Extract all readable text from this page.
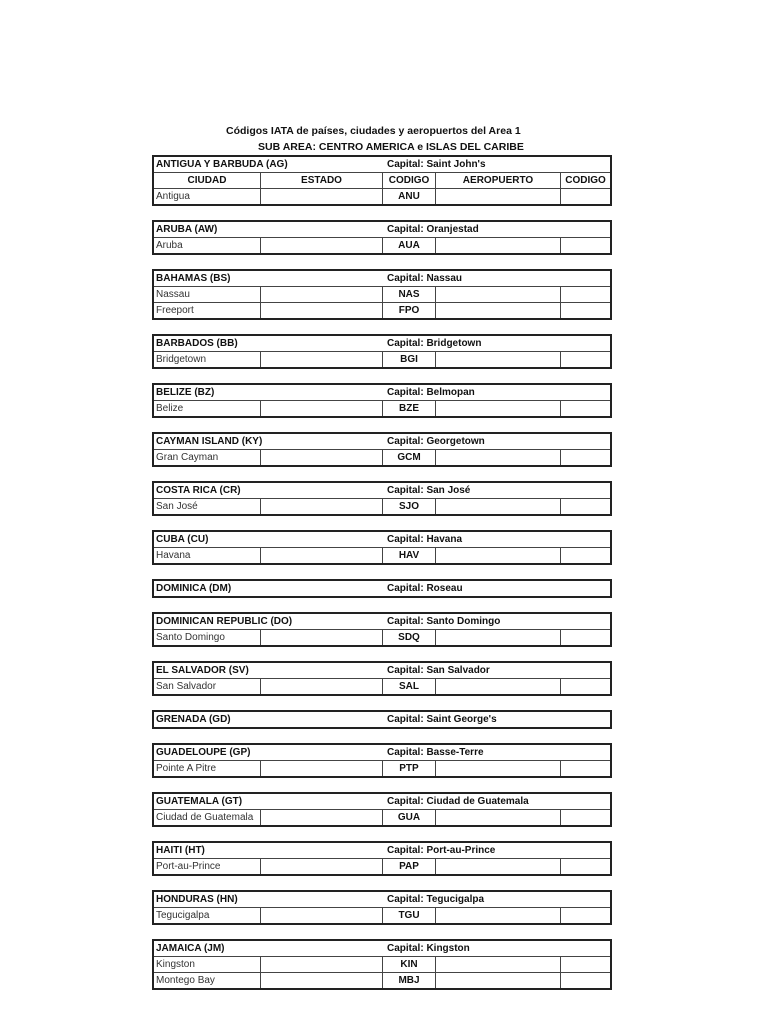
Códigos IATA de países, ciudades y aeropuertos del Area 1
SUB AREA: CENTRO AMERICA e ISLAS DEL CARIBE
ANTIGUA Y BARBUDA (AG)	Capital: Saint John's
CIUDAD	ESTADO	CODIGO	AEROPUERTO	CODIGO
Antigua	ANU
ARUBA (AW)	Capital: Oranjestad
Aruba	AUA
BAHAMAS (BS)	Capital: Nassau
Nassau	NAS
Freeport	FPO
BARBADOS (BB)	Capital: Bridgetown
Bridgetown	BGI
BELIZE (BZ)	Capital: Belmopan
Belize	BZE
CAYMAN ISLAND (KY)	Capital: Georgetown
Gran Cayman	GCM
COSTA RICA (CR)	Capital: San José
San José	SJO
CUBA (CU)	Capital: Havana
Havana	HAV
DOMINICA (DM)	Capital: Roseau
DOMINICAN REPUBLIC (DO)	Capital: Santo Domingo
Santo Domingo	SDQ
EL SALVADOR (SV)	Capital: San Salvador
San Salvador	SAL
GRENADA (GD)	Capital: Saint George's
GUADELOUPE (GP)	Capital: Basse-Terre
Pointe A Pitre	PTP
GUATEMALA (GT)	Capital: Ciudad de Guatemala
Ciudad de Guatemala	GUA
HAITI (HT)	Capital: Port-au-Prince
Port-au-Prince	PAP
HONDURAS (HN)	Capital: Tegucigalpa
Tegucigalpa	TGU
JAMAICA (JM)	Capital: Kingston
Kingston	KIN
Montego Bay	MBJ
